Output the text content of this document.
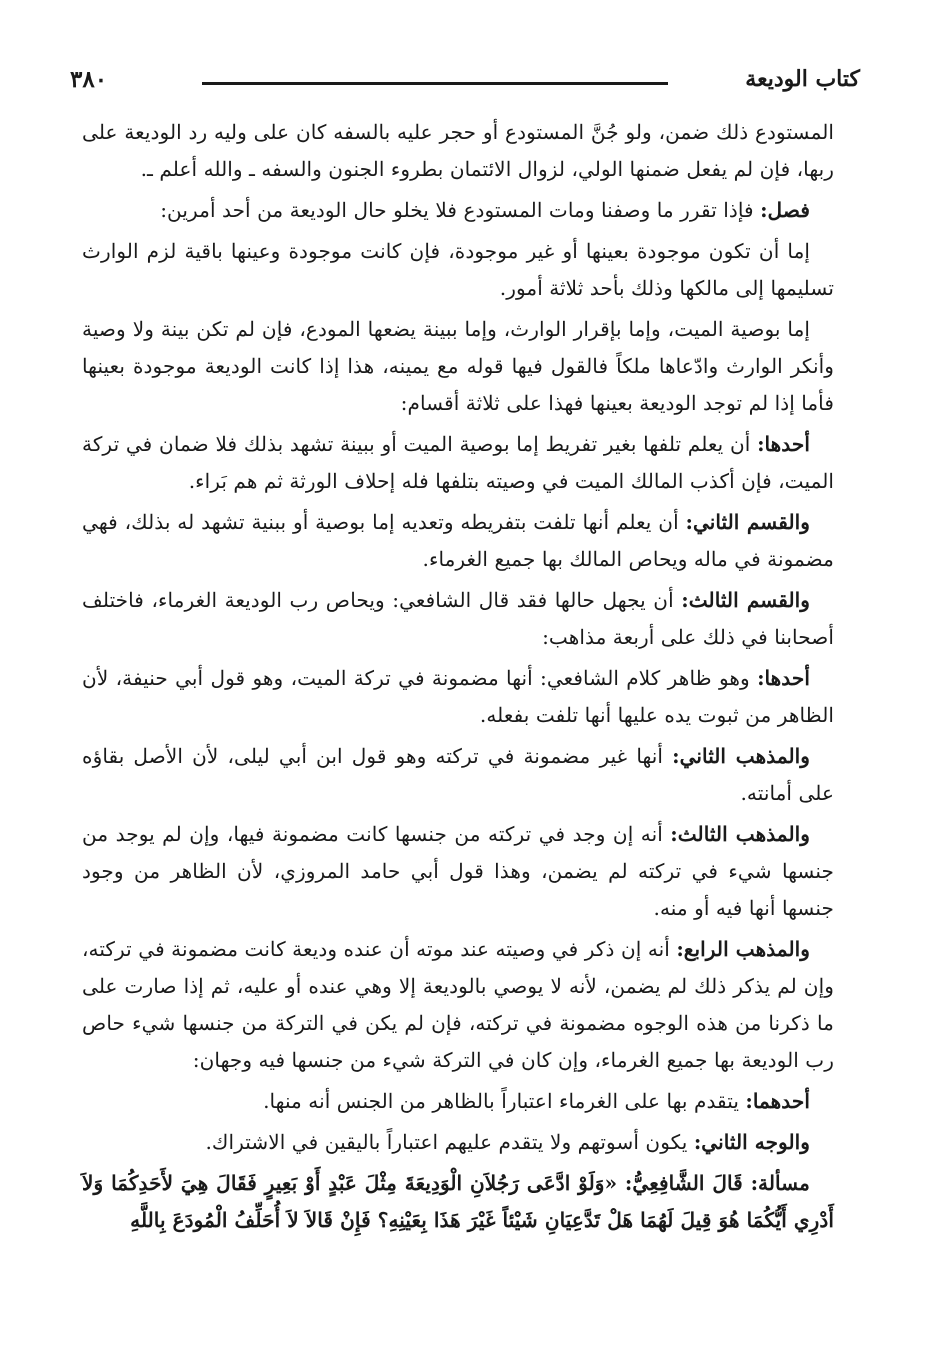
٣٨٠	كتاب الوديعة

المستودع ذلك ضمن، ولو جُنَّ المستودع أو حجر عليه بالسفه كان على وليه رد الوديعة على ربها، فإن لم يفعل ضمنها الولي، لزوال الائتمان بطروء الجنون والسفه ـ والله أعلم ـ.

فصل: فإذا تقرر ما وصفنا ومات المستودع فلا يخلو حال الوديعة من أحد أمرين:

إما أن تكون موجودة بعينها أو غير موجودة، فإن كانت موجودة وعينها باقية لزم الوارث تسليمها إلى مالكها وذلك بأحد ثلاثة أمور.

إما بوصية الميت، وإما بإقرار الوارث، وإما ببينة يضعها المودع، فإن لم تكن بينة ولا وصية وأنكر الوارث وادّعاها ملكاً فالقول فيها قوله مع يمينه، هذا إذا كانت الوديعة موجودة بعينها فأما إذا لم توجد الوديعة بعينها فهذا على ثلاثة أقسام:

أحدها: أن يعلم تلفها بغير تفريط إما بوصية الميت أو ببينة تشهد بذلك فلا ضمان في تركة الميت، فإن أكذب المالك الميت في وصيته بتلفها فله إحلاف الورثة ثم هم بَراء.

والقسم الثاني: أن يعلم أنها تلفت بتفريطه وتعديه إما بوصية أو ببنية تشهد له بذلك، فهي مضمونة في ماله ويحاص المالك بها جميع الغرماء.

والقسم الثالث: أن يجهل حالها فقد قال الشافعي: ويحاص رب الوديعة الغرماء، فاختلف أصحابنا في ذلك على أربعة مذاهب:

أحدها: وهو ظاهر كلام الشافعي: أنها مضمونة في تركة الميت، وهو قول أبي حنيفة، لأن الظاهر من ثبوت يده عليها أنها تلفت بفعله.

والمذهب الثاني: أنها غير مضمونة في تركته وهو قول ابن أبي ليلى، لأن الأصل بقاؤه على أمانته.

والمذهب الثالث: أنه إن وجد في تركته من جنسها كانت مضمونة فيها، وإن لم يوجد من جنسها شيء في تركته لم يضمن، وهذا قول أبي حامد المروزي، لأن الظاهر من وجود جنسها أنها فيه أو منه.

والمذهب الرابع: أنه إن ذكر في وصيته عند موته أن عنده وديعة كانت مضمونة في تركته، وإن لم يذكر ذلك لم يضمن، لأنه لا يوصي بالوديعة إلا وهي عنده أو عليه، ثم إذا صارت على ما ذكرنا من هذه الوجوه مضمونة في تركته، فإن لم يكن في التركة من جنسها شيء حاص رب الوديعة بها جميع الغرماء، وإن كان في التركة شيء من جنسها فيه وجهان:

أحدهما: يتقدم بها على الغرماء اعتباراً بالظاهر من الجنس أنه منها.

والوجه الثاني: يكون أسوتهم ولا يتقدم عليهم اعتباراً باليقين في الاشتراك.

مسألة: قَالَ الشَّافِعِيُّ: «وَلَوْ ادَّعَى رَجُلاَنِ الْوَدِيعَةَ مِثْلَ عَبْدٍ أَوْ بَعِيرٍ فَقَالَ هِيَ لأَحَدِكُمَا وَلاَ أَدْرِي أَيُّكُمَا هُوَ قِيلَ لَهُمَا هَلْ تَدَّعِيَانِ شَيْئاً غَيْرَ هَذَا بِعَيْنِهِ؟ فَإِنْ قَالاَ لاَ أُحَلِّفُ الْمُودَعَ بِاللَّهِ
